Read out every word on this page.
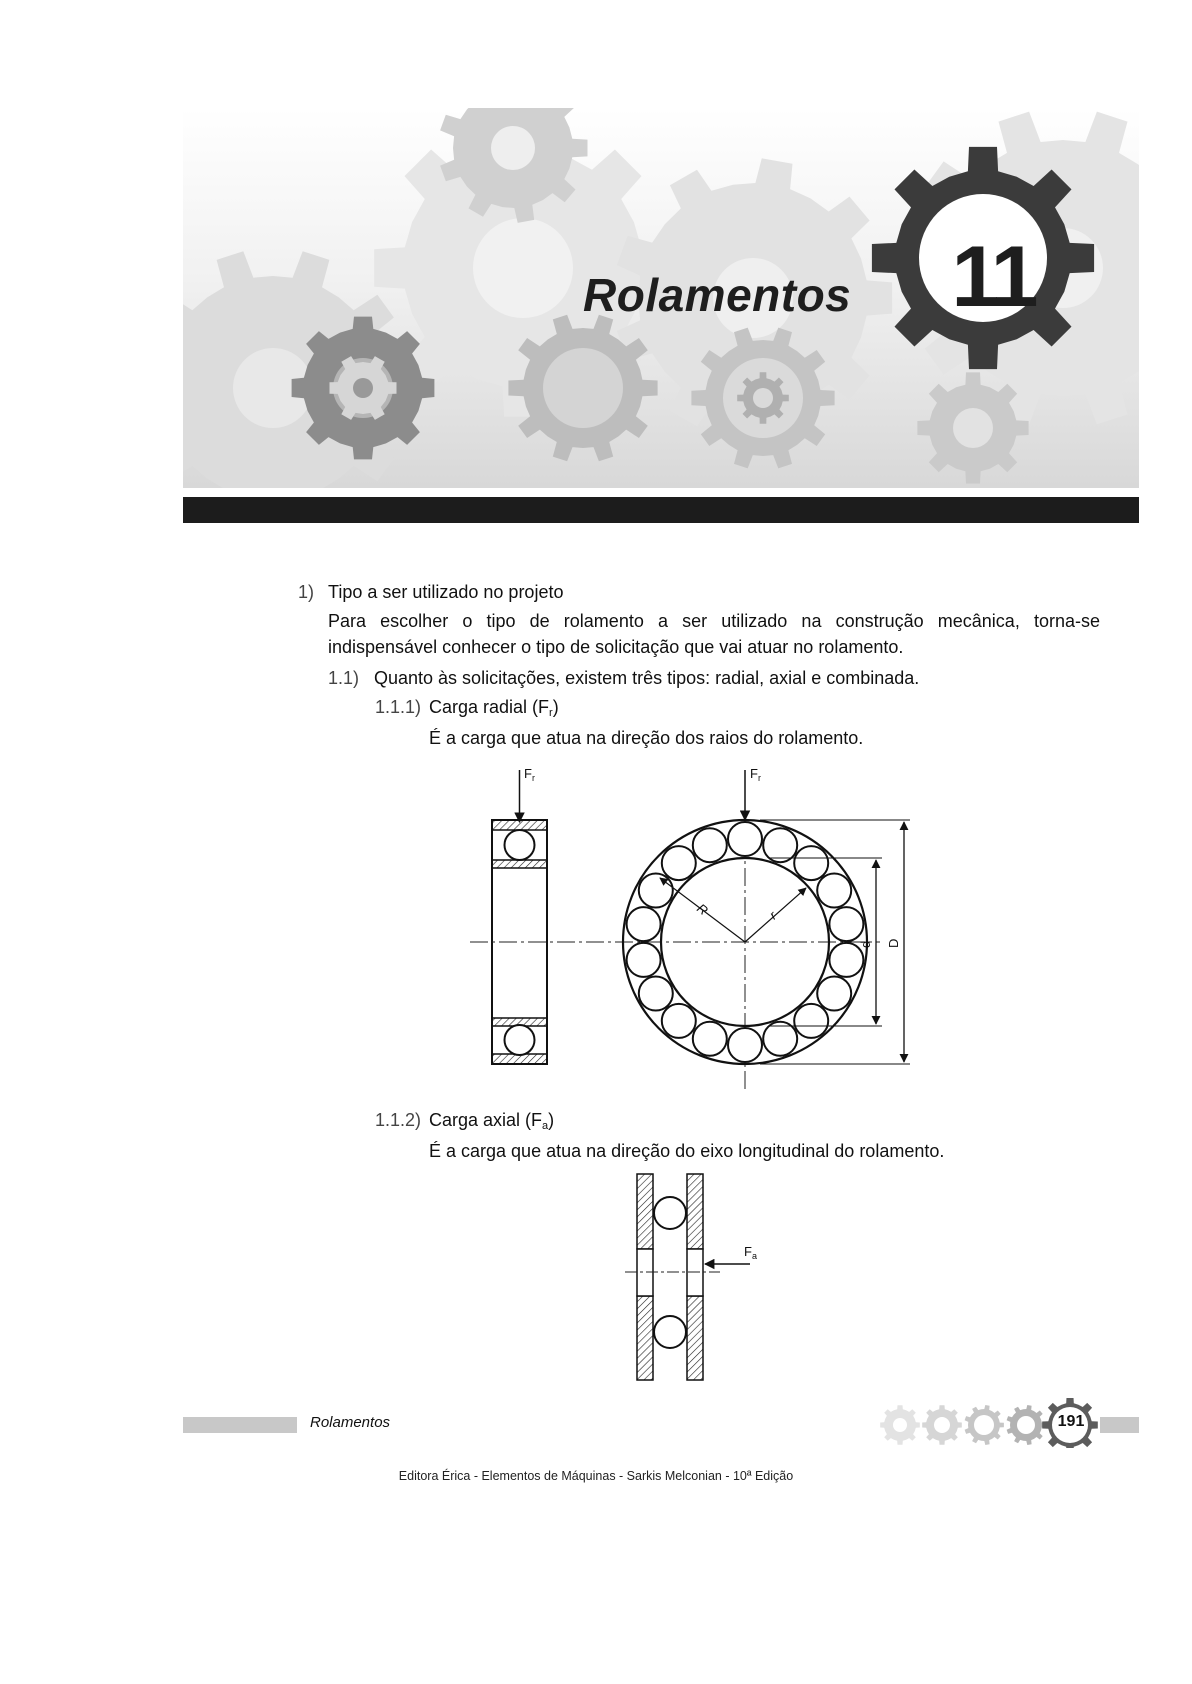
Rolamentos 11

1) Tipo a ser utilizado no projeto

Para escolher o tipo de rolamento a ser utilizado na construção mecânica, torna-se indispensável conhecer o tipo de solicitação que vai atuar no rolamento.

1.1) Quanto às solicitações, existem três tipos: radial, axial e combinada.

1.1.1) Carga radial $(F_r)$

É a carga que atua na direção dos raios do rolamento.

$F_r$	$F_r$
R	r
d D

1.1.2) Carga axial $(F_a)$

É a carga que atua na direção do eixo longitudinal do rolamento.

$F_a$
Rolamentos	191
Editora Érica - Elementos de Máquinas - Sarkis Melconian - 10ª Edição
